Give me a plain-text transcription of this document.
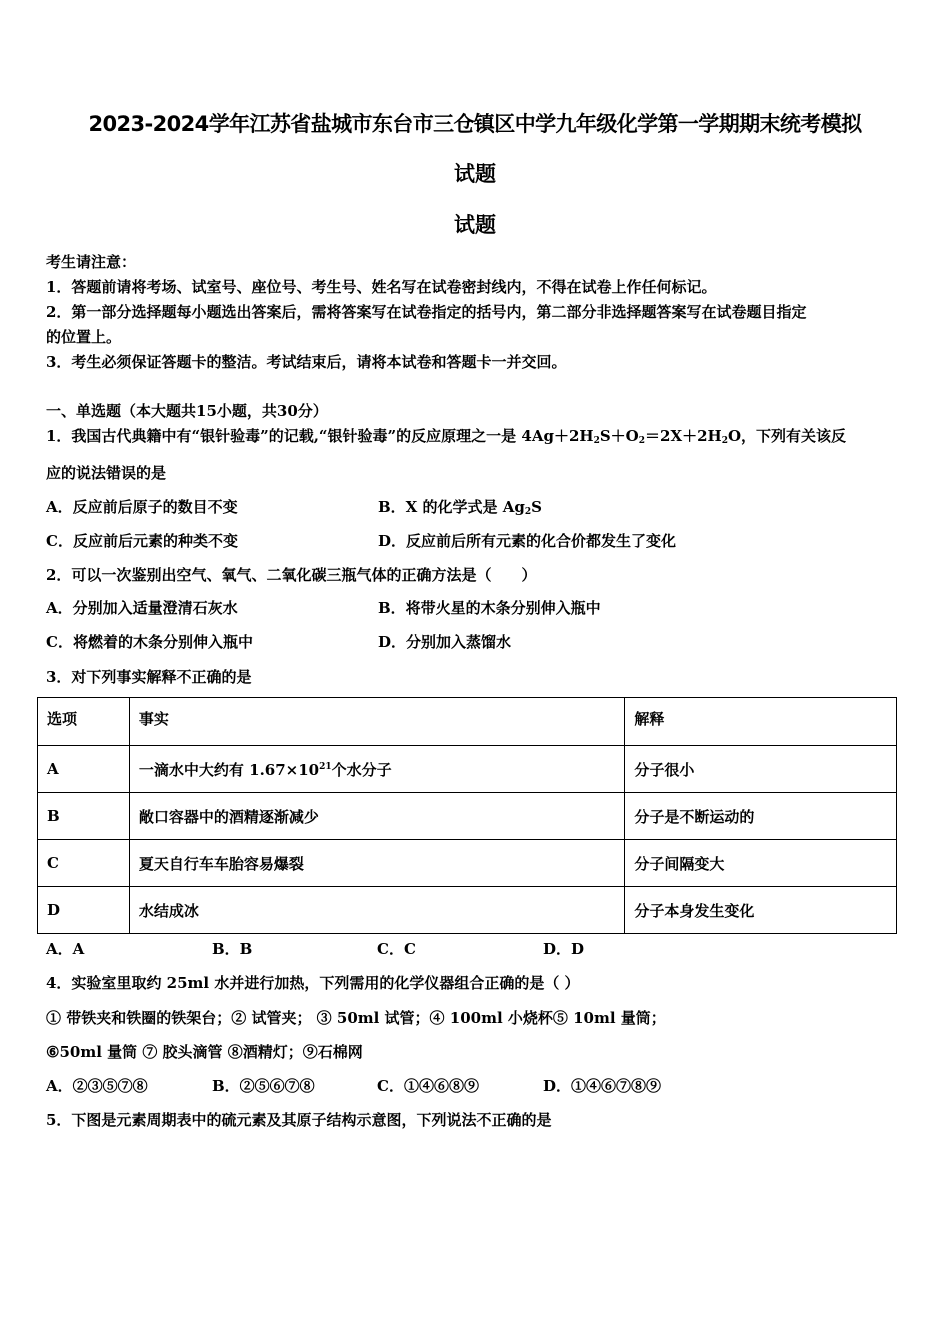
2023-2024学年江苏省盐城市东台市三仓镇区中学九年级化学第一学期期末统考模拟
试题
试题
考生请注意：
1．答题前请将考场、试室号、座位号、考生号、姓名写在试卷密封线内，不得在试卷上作任何标记。
2．第一部分选择题每小题选出答案后，需将答案写在试卷指定的括号内，第二部分非选择题答案写在试卷题目指定
的位置上。
3．考生必须保证答题卡的整洁。考试结束后，请将本试卷和答题卡一并交回。
一、单选题（本大题共15小题，共30分）
1．我国古代典籍中有“银针验毒”的记载,“银针验毒”的反应原理之一是 $4Ag+2H_2S+O_2=2X+2H_2O$，下列有关该反
应的说法错误的是
A．反应前后原子的数目不变	B．X 的化学式是 $Ag_2S$
C．反应前后元素的种类不变	D．反应前后所有元素的化合价都发生了变化
2．可以一次鉴别出空气、氧气、二氧化碳三瓶气体的正确方法是（　　）
A．分别加入适量澄清石灰水	B．将带火星的木条分别伸入瓶中
C．将燃着的木条分别伸入瓶中	D．分别加入蒸馏水
3．对下列事实解释不正确的是
选项	事实	解释
A	一滴水中大约有 $1.67\times 10^{21}$个水分子	分子很小
B	敞口容器中的酒精逐渐减少	分子是不断运动的
C	夏天自行车车胎容易爆裂	分子间隔变大
D	水结成冰	分子本身发生变化
A．A	B．B	C．C	D．D
4．实验室里取约 25ml 水并进行加热，下列需用的化学仪器组合正确的是（ ）
① 带铁夹和铁圈的铁架台；② 试管夹； ③ 50ml 试管；④ 100ml 小烧杯⑤ 10ml 量筒；
⑥50ml 量筒 ⑦ 胶头滴管 ⑧酒精灯；⑨石棉网
A．②③⑤⑦⑧	B．②⑤⑥⑦⑧	C．①④⑥⑧⑨	D．①④⑥⑦⑧⑨
5．下图是元素周期表中的硫元素及其原子结构示意图，下列说法不正确的是
